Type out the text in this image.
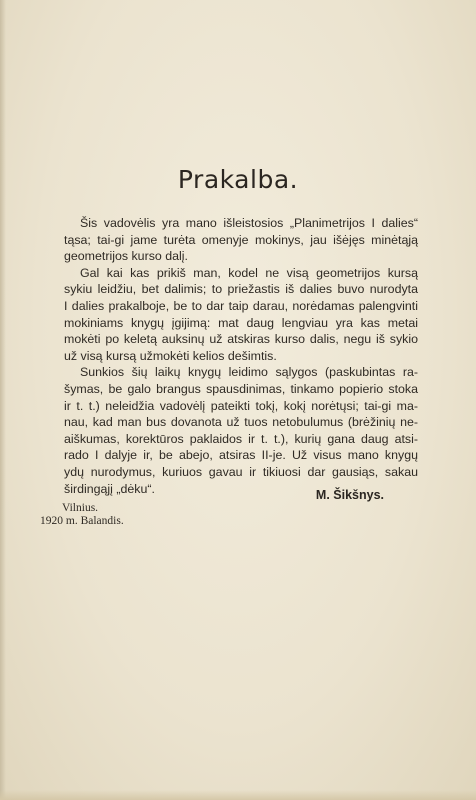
Prakalba.

Šis vadovėlis yra mano išleistosios „Planimetrijos I dalies“
tąsa; tai-gi jame turėta omenyje mokinys, jau išėjęs minėtąją
geometrijos kurso dalį.

Gal kai kas prikiš man, kodel ne visą geometrijos kursą
sykiu leidžiu, bet dalimis; to priežastis iš dalies buvo nurodyta
I dalies prakalboje, be to dar taip darau, norėdamas palengvinti
mokiniams knygų įgijimą: mat daug lengviau yra kas metai
mokėti po keletą auksinų už atskiras kurso dalis, negu iš sykio
už visą kursą užmokėti kelios dešimtis.

Sunkios šių laikų knygų leidimo sąlygos (paskubintas ra-
šymas, be galo brangus spausdinimas, tinkamo popierio stoka
ir t. t.) neleidžia vadovėlį pateikti tokį, kokį norėtųsi; tai-gi ma-
nau, kad man bus dovanota už tuos netobulumus (brėžinių ne-
aiškumas, korektūros paklaidos ir t. t.), kurių gana daug atsi-
rado I dalyje ir, be abejo, atsiras II-je. Už visus mano knygų
ydų nurodymus, kuriuos gavau ir tikiuosi dar gausiąs, sakau
širdingąjį „dėku“.

Vilnius.
1920 m. Balandis.
M. Šikšnys.
